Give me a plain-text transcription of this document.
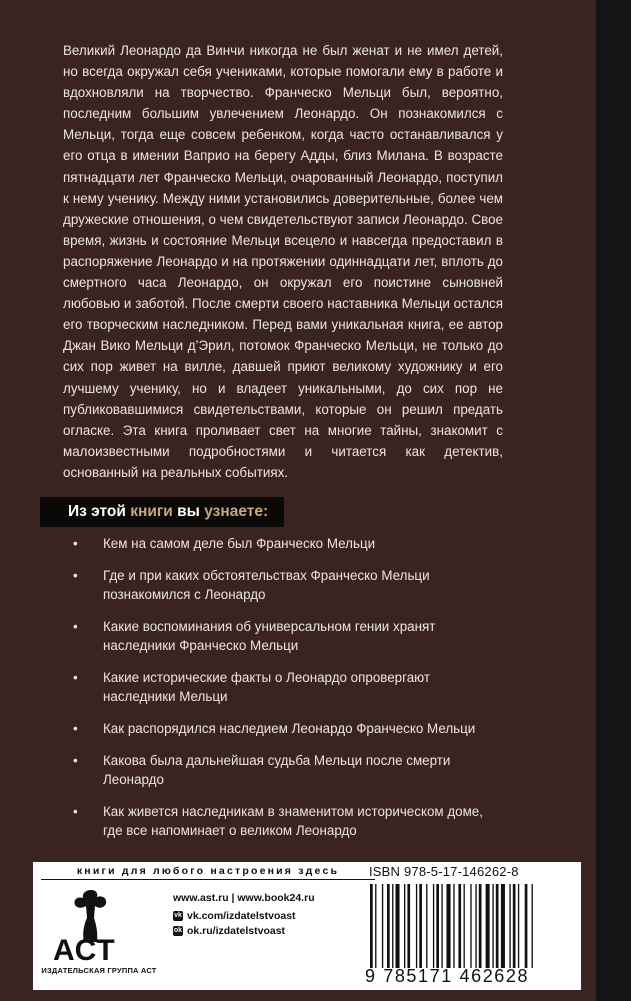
Великий Леонардо да Винчи никогда не был женат и не имел детей, но всегда окружал себя учениками, которые помогали ему в работе и вдохновляли на творчество. Франческо Мельци был, вероятно, последним большим увлечением Леонардо. Он познакомился с Мельци, тогда еще совсем ребенком, когда часто останавливался у его отца в имении Ваприо на берегу Адды, близ Милана. В возрасте пятнадцати лет Франческо Мельци, очарованный Леонардо, поступил к нему ученику. Между ними установились доверительные, более чем дружеские отношения, о чем свидетельствуют записи Леонардо. Свое время, жизнь и состояние Мельци всецело и навсегда предоставил в распоряжение Леонардо и на протяжении одиннадцати лет, вплоть до смертного часа Леонардо, он окружал его поистине сыновней любовью и заботой. После смерти своего наставника Мельци остался его творческим наследником. Перед вами уникальная книга, ее автор Джан Вико Мельци д’Эрил, потомок Франческо Мельци, не только до сих пор живет на вилле, давшей приют великому художнику и его лучшему ученику, но и владеет уникальными, до сих пор не публиковавшимися свидетельствами, которые он решил предать огласке. Эта книга проливает свет на многие тайны, знакомит с малоизвестными подробностями и читается как детектив, основанный на реальных событиях.

Из этой книги вы узнаете:
• Кем на самом деле был Франческо Мельци
• Где и при каких обстоятельствах Франческо Мельци познакомился с Леонардо
• Какие воспоминания об универсальном гении хранят наследники Франческо Мельци
• Какие исторические факты о Леонардо опровергают наследники Мельци
• Как распорядился наследием Леонардо Франческо Мельци
• Какова была дальнейшая судьба Мельци после смерти Леонардо
• Как живется наследникам в знаменитом историческом доме, где все напоминает о великом Леонардо
книги для любого настроения здесь
ACT
ИЗДАТЕЛЬСКАЯ ГРУППА АСТ
www.ast.ru | www.book24.ru
vk vk.com/izdatelstvoast
ok ok.ru/izdatelstvoast
ISBN 978-5-17-146262-8
9 785171 462628
